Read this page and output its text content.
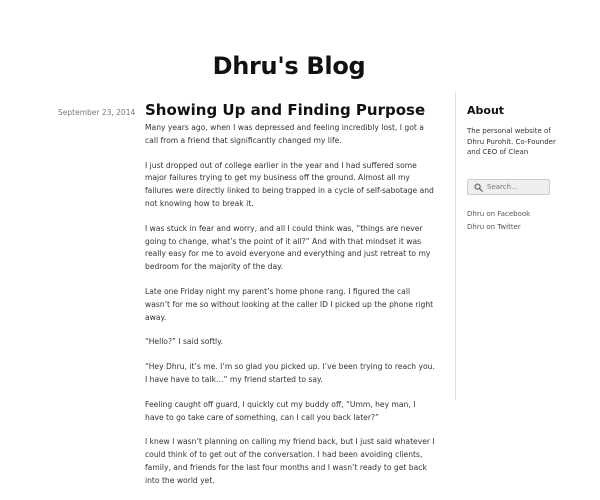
Dhru's Blog
September 23, 2014 Showing Up and Finding Purpose

Many years ago, when I was depressed and feeling incredibly lost, I got a call from a friend that significantly changed my life.

I just dropped out of college earlier in the year and I had suffered some major failures trying to get my business off the ground. Almost all my failures were directly linked to being trapped in a cycle of self-sabotage and not knowing how to break it.

I was stuck in fear and worry, and all I could think was, “things are never going to change, what’s the point of it all?” And with that mindset it was really easy for me to avoid everyone and everything and just retreat to my bedroom for the majority of the day.

Late one Friday night my parent’s home phone rang. I figured the call wasn’t for me so without looking at the caller ID I picked up the phone right away.

“Hello?” I said softly.

“Hey Dhru, it’s me. I’m so glad you picked up. I’ve been trying to reach you. I have have to talk…” my friend started to say.

Feeling caught off guard, I quickly cut my buddy off, “Umm, hey man, I have to go take care of something, can I call you back later?”

I knew I wasn’t planning on calling my friend back, but I just said whatever I could think of to get out of the conversation. I had been avoiding clients, family, and friends for the last four months and I wasn’t ready to get back into the world yet.

About
The personal website of Dhru Purohit. Co-Founder and CEO of Clean
Search…
Dhru on Facebook
Dhru on Twitter
